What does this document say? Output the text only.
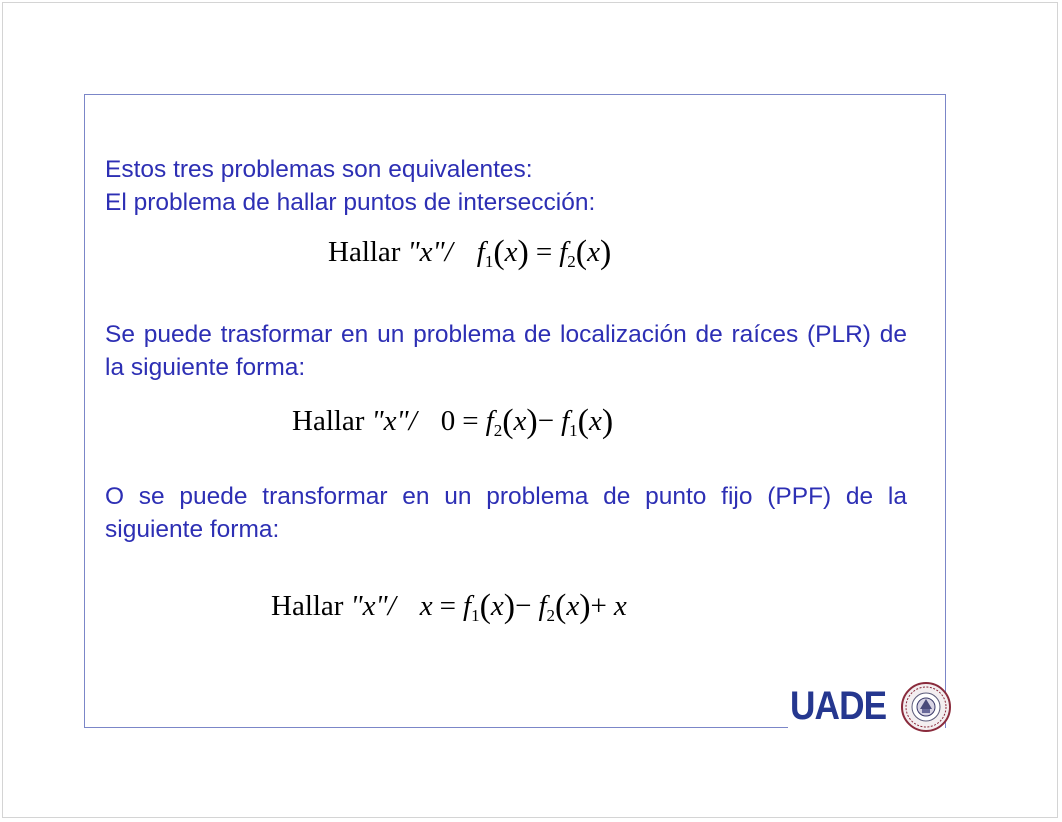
Estos tres problemas son equivalentes:
El problema de hallar puntos de intersección:
Hallar "x"/ $f_1(x) = f_2(x)$
Se puede trasformar en un problema de localización de raíces (PLR) de la siguiente forma:
Hallar "x"/ $0 = f_2(x)- f_1(x)$
O se puede transformar en un problema de punto fijo (PPF) de la siguiente forma:
Hallar "x"/ $x = f_1(x)- f_2(x)+ x$
UADE
